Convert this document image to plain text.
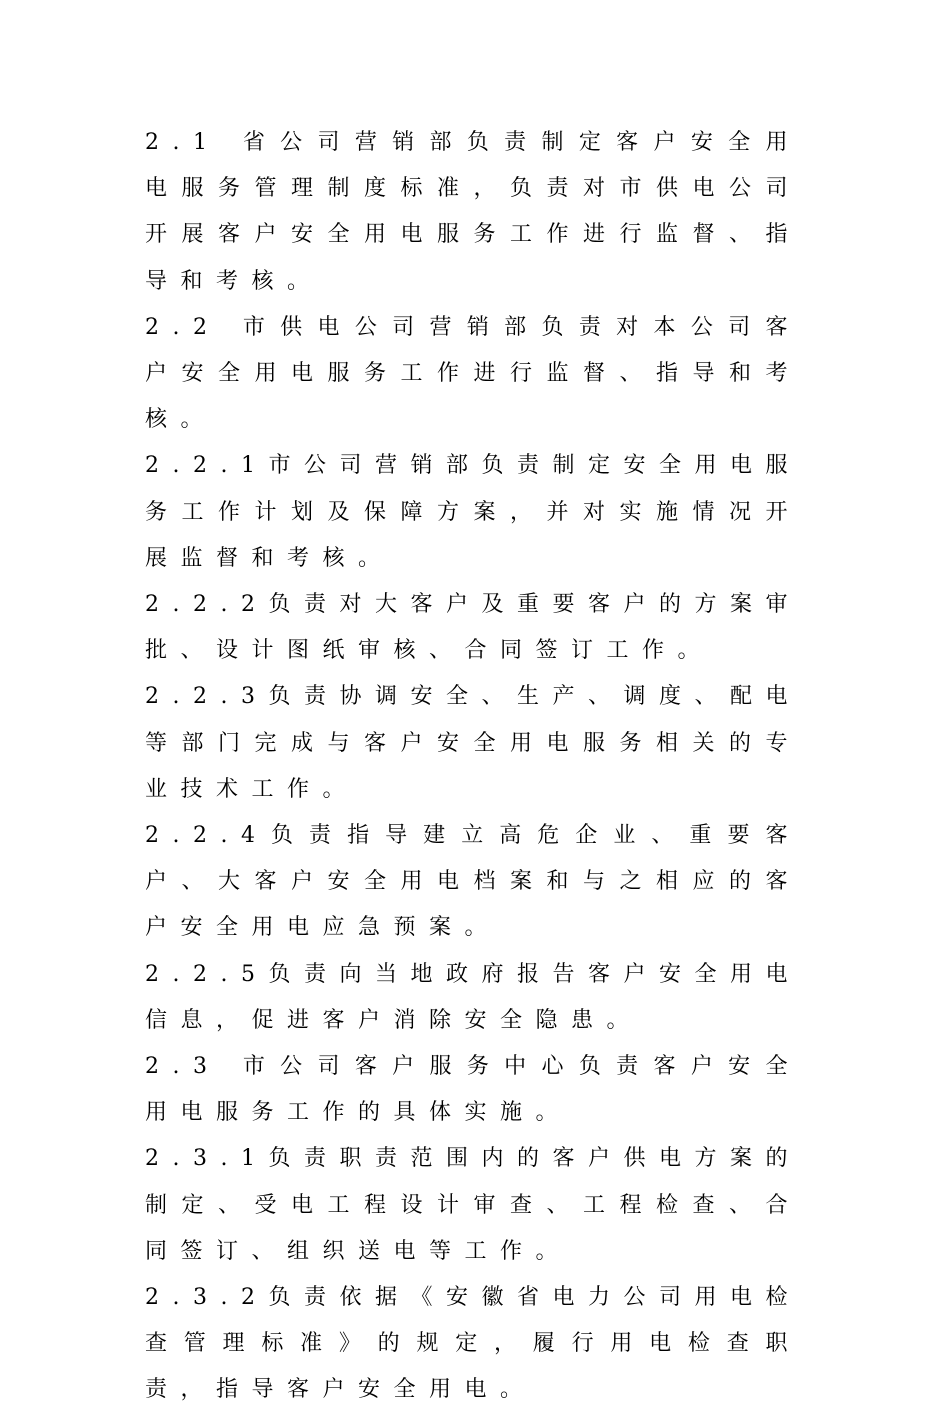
2.1 省公司营销部负责制定客户安全用电服务管理制度标准，负责对市供电公司开展客户安全用电服务工作进行监督、指导和考核。

2.2 市供电公司营销部负责对本公司客户安全用电服务工作进行监督、指导和考核。

2.2.1市公司营销部负责制定安全用电服务工作计划及保障方案，并对实施情况开展监督和考核。

2.2.2负责对大客户及重要客户的方案审批、设计图纸审核、合同签订工作。

2.2.3负责协调安全、生产、调度、配电等部门完成与客户安全用电服务相关的专业技术工作。

2.2.4负责指导建立高危企业、重要客户、大客户安全用电档案和与之相应的客户安全用电应急预案。

2.2.5负责向当地政府报告客户安全用电信息，促进客户消除安全隐患。

2.3 市公司客户服务中心负责客户安全用电服务工作的具体实施。

2.3.1负责职责范围内的客户供电方案的制定、受电工程设计审查、工程检查、合同签订、组织送电等工作。

2.3.2负责依据《安徽省电力公司用电检查管理标准》的规定，履行用电检查职责，指导客户安全用电。
